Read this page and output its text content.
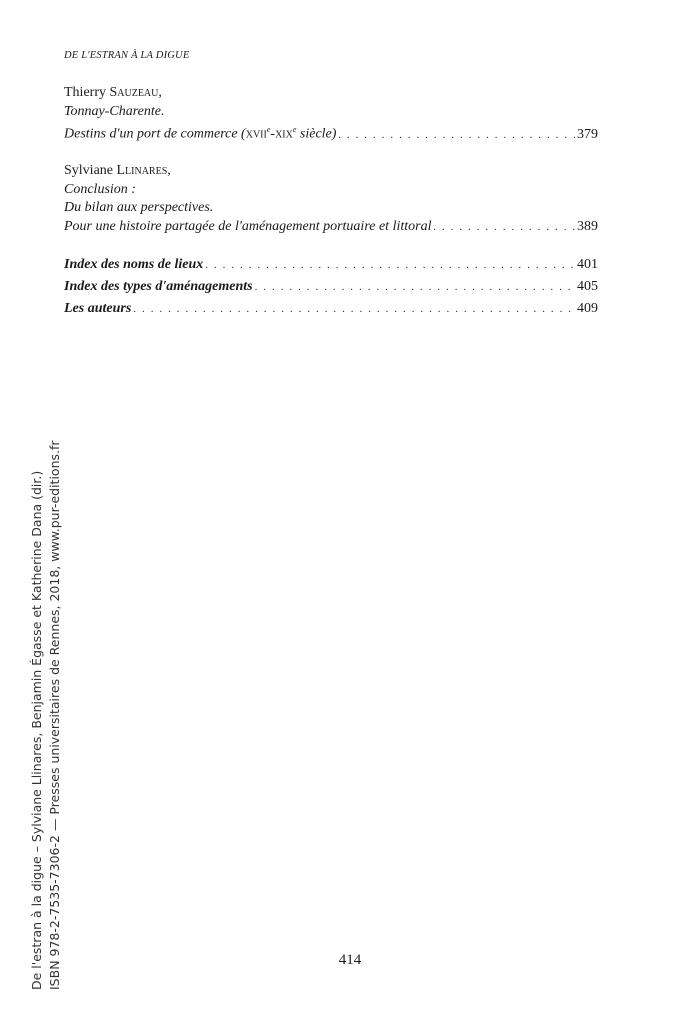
DE L'ESTRAN À LA DIGUE
Thierry Sauzeau,
Tonnay-Charente.
Destins d'un port de commerce (xvii$^e$-xix$^e$ siècle) . . .	379
Sylviane Llinares,
Conclusion :
Du bilan aux perspectives.
Pour une histoire partagée de l'aménagement portuaire et littoral . . .	389
Index des noms de lieux . . .	401
Index des types d'aménagements . . .	405
Les auteurs . . .	409
De l'estran à la digue – Sylviane Llinares, Benjamin Égasse et Katherine Dana (dir.) ISBN 978-2-7535-7306-2 — Presses universitaires de Rennes, 2018, www.pur-editions.fr	414
